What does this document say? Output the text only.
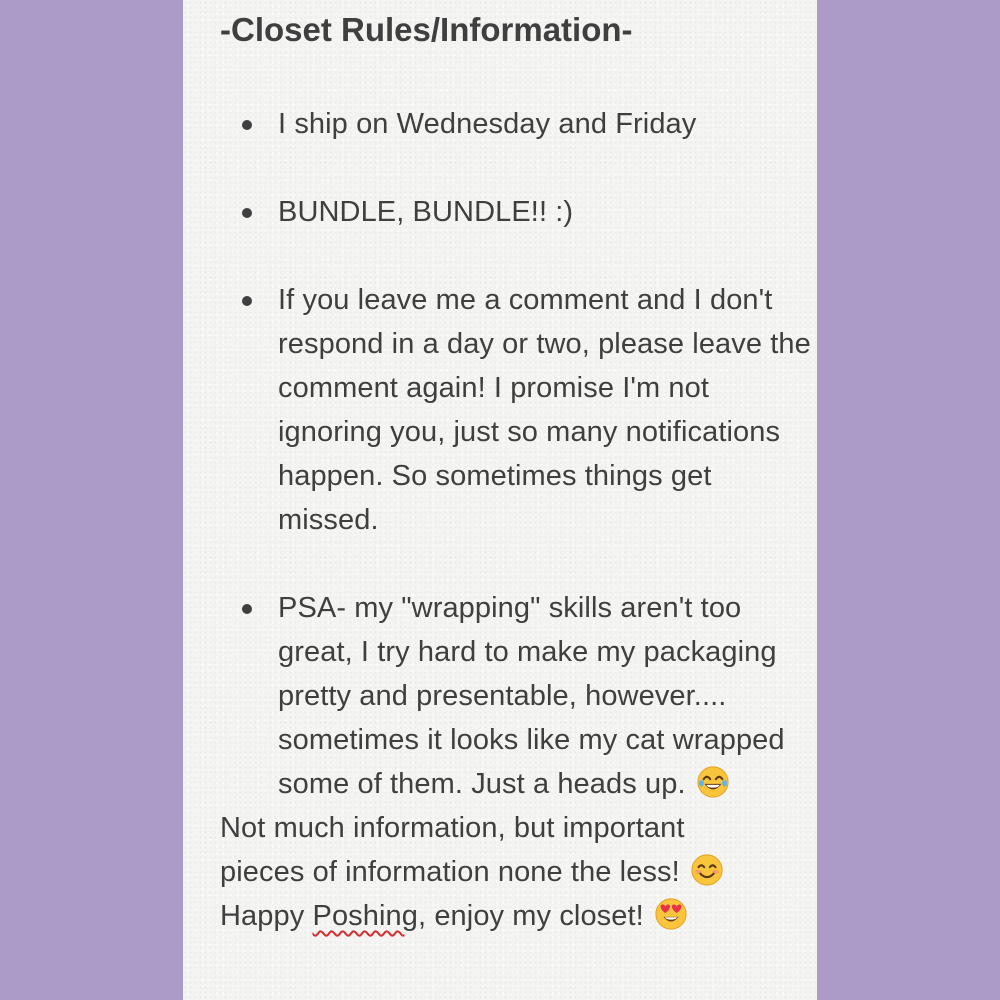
-Closet Rules/Information-
I ship on Wednesday and Friday
BUNDLE, BUNDLE!! :)
If you leave me a comment and I don't respond in a day or two, please leave the comment again! I promise I'm not ignoring you, just so many notifications happen. So sometimes things get missed.
PSA- my "wrapping" skills aren't too great, I try hard to make my packaging pretty and presentable, however.... sometimes it looks like my cat wrapped some of them. Just a heads up.

Not much information, but important

pieces of information none the less!

Happy Poshing, enjoy my closet!
